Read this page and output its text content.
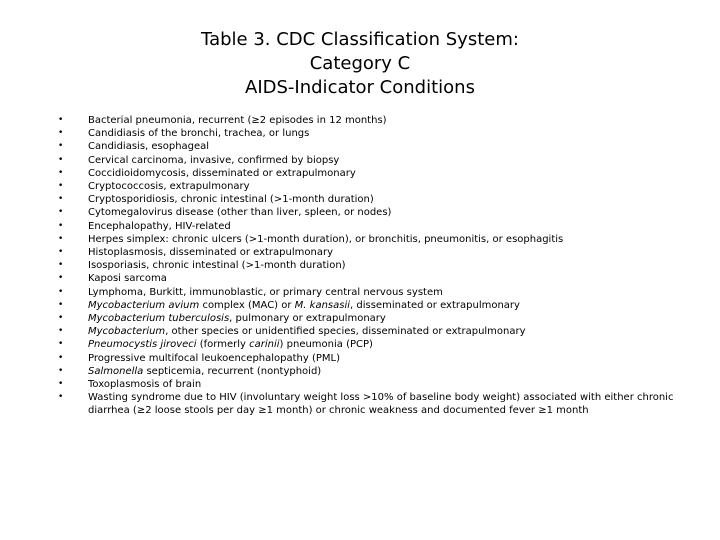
Table 3. CDC Classification System:
Category C
AIDS-Indicator Conditions
• Bacterial pneumonia, recurrent (≥2 episodes in 12 months)
• Candidiasis of the bronchi, trachea, or lungs
• Candidiasis, esophageal
• Cervical carcinoma, invasive, confirmed by biopsy
• Coccidioidomycosis, disseminated or extrapulmonary
• Cryptococcosis, extrapulmonary
• Cryptosporidiosis, chronic intestinal (>1-month duration)
• Cytomegalovirus disease (other than liver, spleen, or nodes)
• Encephalopathy, HIV-related
• Herpes simplex: chronic ulcers (>1-month duration), or bronchitis, pneumonitis, or esophagitis
• Histoplasmosis, disseminated or extrapulmonary
• Isosporiasis, chronic intestinal (>1-month duration)
• Kaposi sarcoma
• Lymphoma, Burkitt, immunoblastic, or primary central nervous system
• Mycobacterium avium complex (MAC) or M. kansasii, disseminated or extrapulmonary
• Mycobacterium tuberculosis, pulmonary or extrapulmonary
• Mycobacterium, other species or unidentified species, disseminated or extrapulmonary
• Pneumocystis jiroveci (formerly carinii) pneumonia (PCP)
• Progressive multifocal leukoencephalopathy (PML)
• Salmonella septicemia, recurrent (nontyphoid)
• Toxoplasmosis of brain
• Wasting syndrome due to HIV (involuntary weight loss >10% of baseline body weight) associated with either chronic diarrhea (≥2 loose stools per day ≥1 month) or chronic weakness and documented fever ≥1 month
